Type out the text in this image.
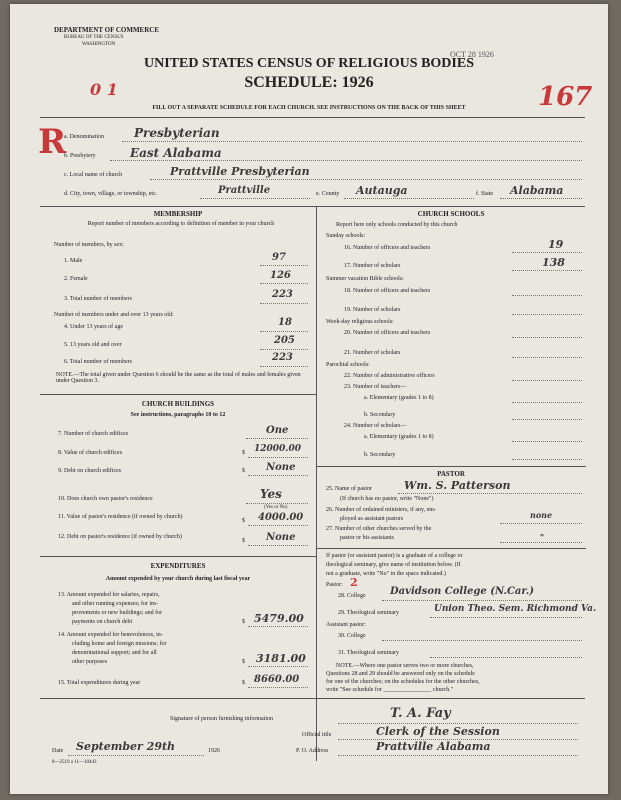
DEPARTMENT OF COMMERCE
BUREAU OF THE CENSUS
WASHINGTON
OCT 28 1926
UNITED STATES CENSUS OF RELIGIOUS BODIES
SCHEDULE: 1926
0 1	167
FILL OUT A SEPARATE SCHEDULE FOR EACH CHURCH. SEE INSTRUCTIONS ON THE BACK OF THIS SHEET
R
a. Denomination	Presbyterian
b. Presbytery	East Alabama
c. Local name of church	Prattville Presbyterian
d. City, town, village, or township, etc.	Prattville	e. County Autauga	f. State Alabama
MEMBERSHIP
Report number of members according to definition of member in your church
Number of members, by sex:
1. Male	97
2. Female	126
3. Total number of members	223
Number of members under and over 13 years old:
4. Under 13 years of age	18
5. 13 years old and over	205
6. Total number of members	223
NOTE.—The total given under Question 6 should be the same as the total of males and females given under Question 3.
CHURCH BUILDINGS
See instructions, paragraphs 10 to 12
7. Number of church edifices	One
8. Value of church edifices	$ 12000.00
9. Debt on church edifices	$ None
10. Does church own pastor's residence	Yes
(Yes or No)
11. Value of pastor's residence (if owned by church)
$ 4000.00
12. Debt on pastor's residence (if owned by church)
$ None
EXPENDITURES
Amount expended by your church during last fiscal year
13. Amount expended for salaries, repairs,
and other running expenses; for im-
provements or new buildings; and for
payments on church debt	$ 5479.00
14. Amount expended for benevolences, in-
cluding home and foreign missions; for
denominational support; and for all
other purposes	$ 3181.00
15. Total expenditures during year	$ 8660.00
CHURCH SCHOOLS
Report here only schools conducted by this church
Sunday schools:
16. Number of officers and teachers	19
17. Number of scholars	138
Summer vacation Bible schools:
18. Number of officers and teachers
19. Number of scholars
Week-day religious schools:
20. Number of officers and teachers
21. Number of scholars
Parochial schools:
22. Number of administrative officers
23. Number of teachers—
a. Elementary (grades 1 to 8)
b. Secondary
24. Number of scholars—
a. Elementary (grades 1 to 8)
b. Secondary
PASTOR
25. Name of pastor	Wm. S. Patterson
(If church has no pastor, write "None")
26. Number of ordained ministers, if any, em-
ployed as assistant pastors	none
27. Number of other churches served by the
pastor or his assistants	"
If pastor (or assistant pastor) is a graduate of a college or
theological seminary, give name of institution below. (If
not a graduate, write "No" in the space indicated.)
Pastor: 2
28. College Davidson College (N.Car.)
29. Theological seminary	Union Theo. Sem. Richmond Va.
Assistant pastor:
30. College
31. Theological seminary
NOTE.—Where one pastor serves two or more churches,
Questions 28 and 29 should be answered only on the schedule
for one of the churches; on the schedules for the other churches,
write "See schedule for ________________ church."
Signature of person furnishing information	T. A. Fay
Official title	Clerk of the Session
Date September 29th	1926	P. O. Address	Prattville Alabama
8—2519 a 11—10443
